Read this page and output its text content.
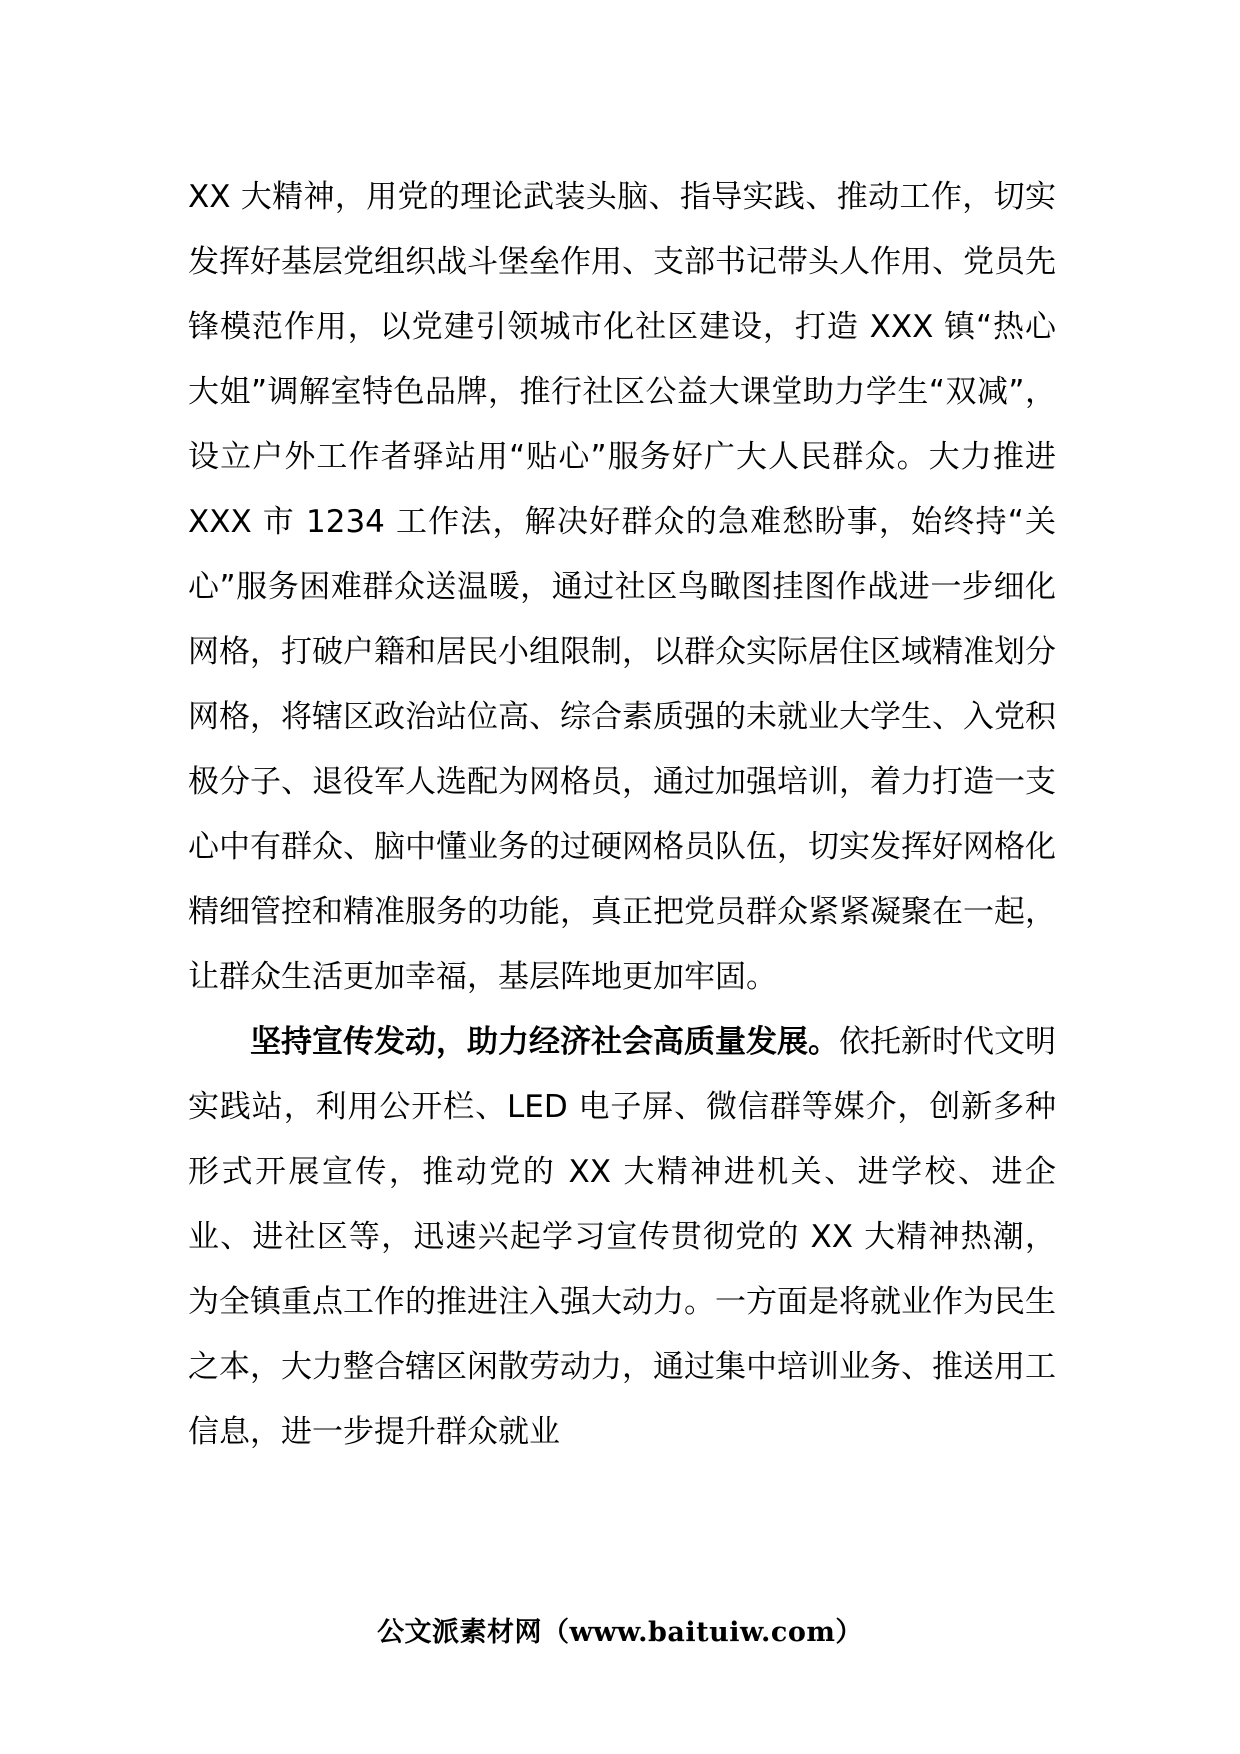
XX 大精神，用党的理论武装头脑、指导实践、推动工作，切实发挥好基层党组织战斗堡垒作用、支部书记带头人作用、党员先锋模范作用，以党建引领城市化社区建设，打造 XXX 镇“热心大姐”调解室特色品牌，推行社区公益大课堂助力学生“双减”，设立户外工作者驿站用“贴心”服务好广大人民群众。大力推进 XXX 市 1234 工作法，解决好群众的急难愁盼事，始终持“关心”服务困难群众送温暖，通过社区鸟瞰图挂图作战进一步细化网格，打破户籍和居民小组限制，以群众实际居住区域精准划分网格，将辖区政治站位高、综合素质强的未就业大学生、入党积极分子、退役军人选配为网格员，通过加强培训，着力打造一支心中有群众、脑中懂业务的过硬网格员队伍，切实发挥好网格化精细管控和精准服务的功能，真正把党员群众紧紧凝聚在一起，让群众生活更加幸福，基层阵地更加牢固。

坚持宣传发动，助力经济社会高质量发展。依托新时代文明实践站，利用公开栏、LED 电子屏、微信群等媒介，创新多种形式开展宣传，推动党的 XX 大精神进机关、进学校、进企业、进社区等，迅速兴起学习宣传贯彻党的 XX 大精神热潮，为全镇重点工作的推进注入强大动力。一方面是将就业作为民生之本，大力整合辖区闲散劳动力，通过集中培训业务、推送用工信息，进一步提升群众就业

公文派素材网（www.baituiw.com）
